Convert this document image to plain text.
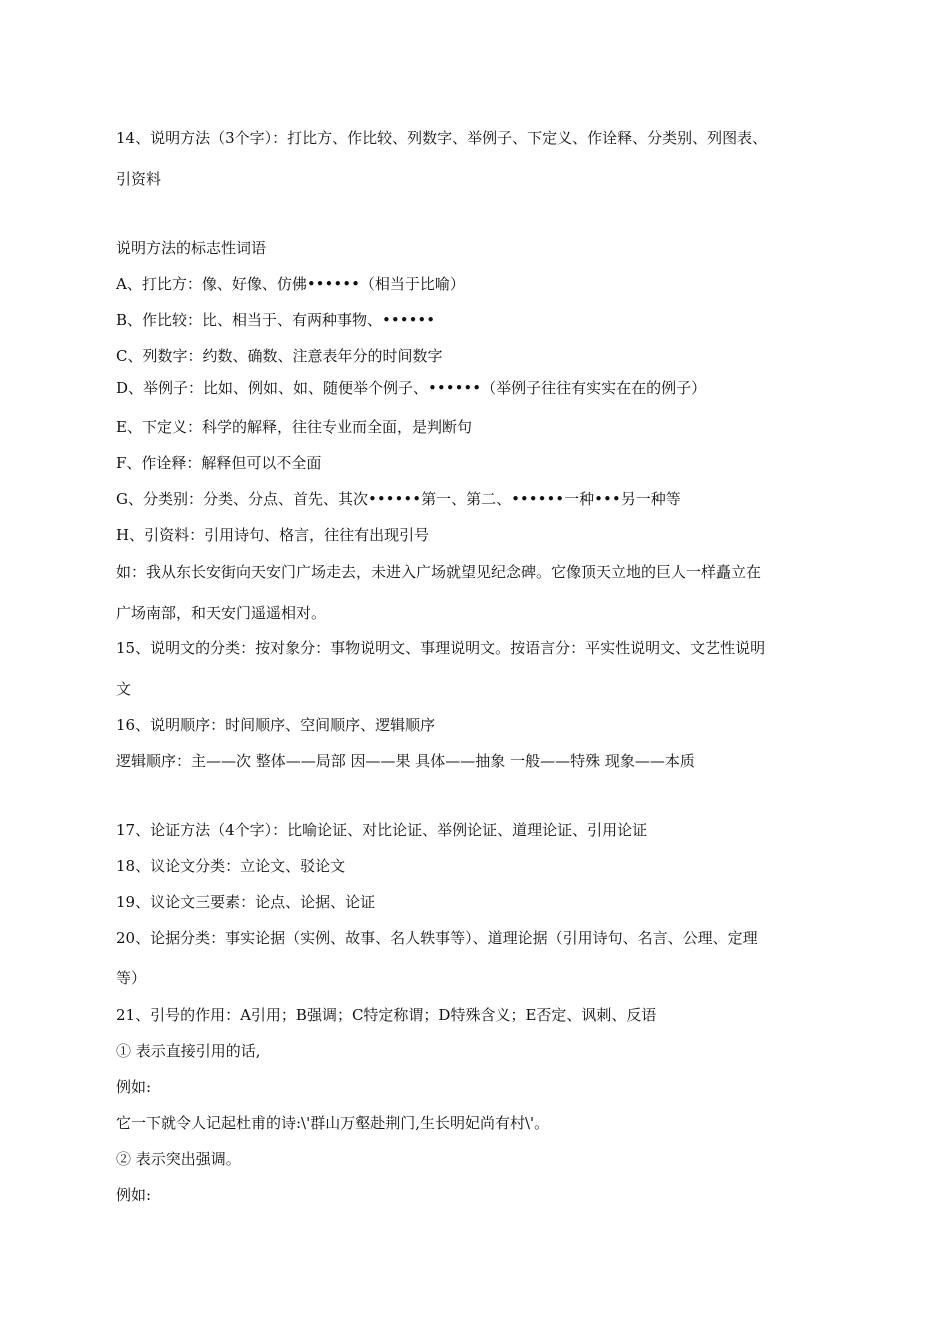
14、说明方法（3个字）：打比方、作比较、列数字、举例子、下定义、作诠释、分类别、列图表、
引资料
说明方法的标志性词语
A、打比方：像、好像、仿佛••••••（相当于比喻）
B、作比较：比、相当于、有两种事物、••••••
C、列数字：约数、确数、注意表年分的时间数字
D、举例子：比如、例如、如、随便举个例子、••••••（举例子往往有实实在在的例子）
E、下定义：科学的解释，往往专业而全面，是判断句
F、作诠释：解释但可以不全面
G、分类别：分类、分点、首先、其次••••••第一、第二、••••••一种•••另一种等
H、引资料：引用诗句、格言，往往有出现引号
如：我从东长安街向天安门广场走去，未进入广场就望见纪念碑。它像顶天立地的巨人一样矗立在
广场南部，和天安门遥遥相对。
15、说明文的分类：按对象分：事物说明文、事理说明文。按语言分：平实性说明文、文艺性说明
文
16、说明顺序：时间顺序、空间顺序、逻辑顺序
逻辑顺序：主——次 整体——局部 因——果 具体——抽象 一般——特殊 现象——本质
17、论证方法（4个字）：比喻论证、对比论证、举例论证、道理论证、引用论证
18、议论文分类：立论文、驳论文
19、议论文三要素：论点、论据、论证
20、论据分类：事实论据（实例、故事、名人轶事等）、道理论据（引用诗句、名言、公理、定理
等）
21、引号的作用：A引用；B强调；C特定称谓；D特殊含义；E否定、讽刺、反语
① 表示直接引用的话,
例如:
它一下就令人记起杜甫的诗:\'群山万壑赴荆门,生长明妃尚有村\'。
② 表示突出强调。
例如:
